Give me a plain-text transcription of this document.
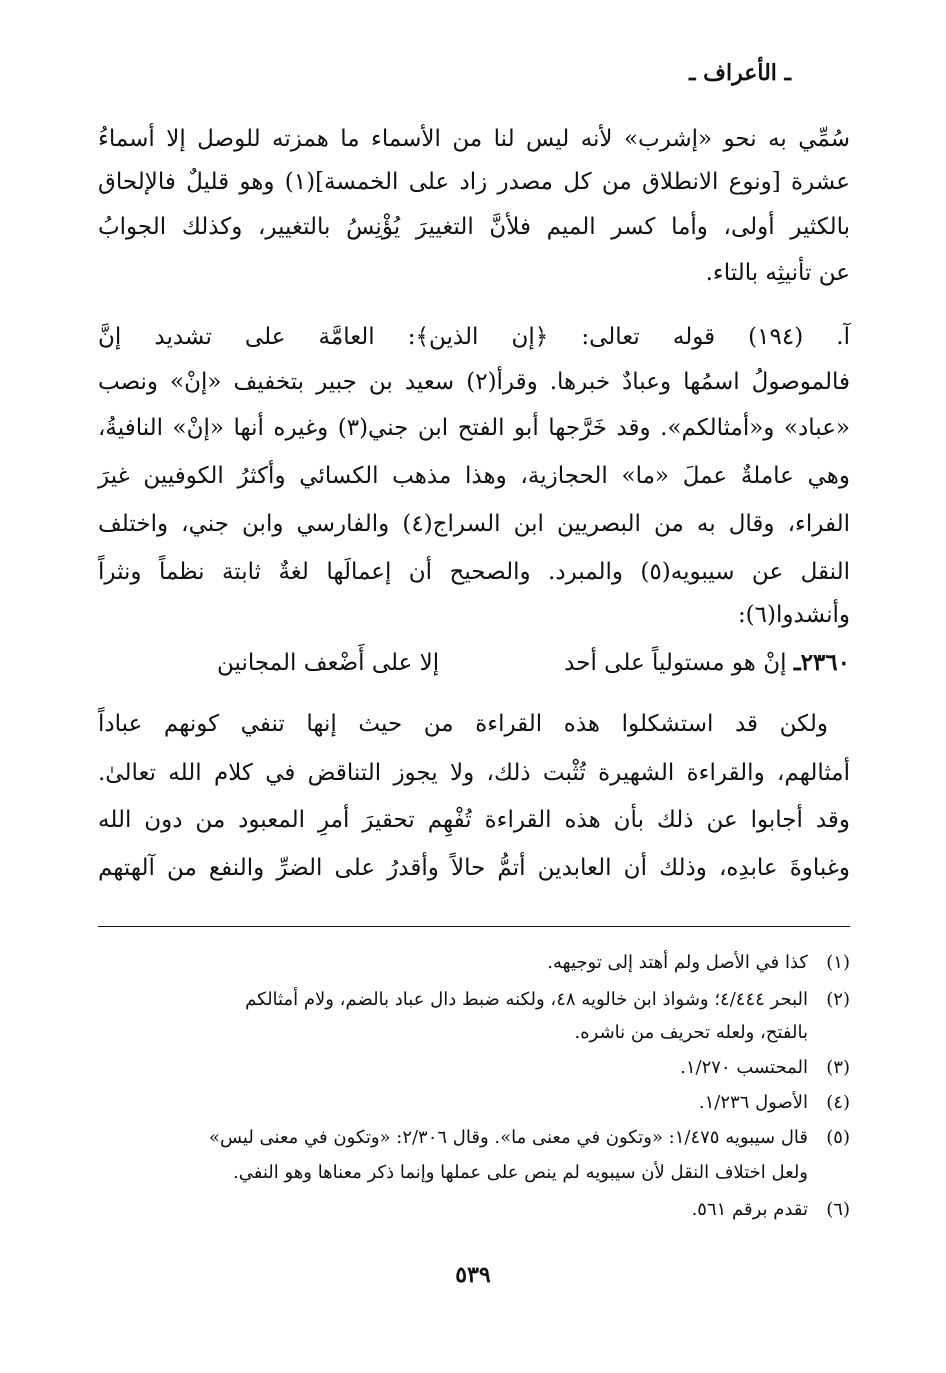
ـ الأعراف ـ
سُمِّي به نحو «إشرب» لأنه ليس لنا من الأسماء ما همزته للوصل إلا أسماءُ
عشرة [ونوع الانطلاق من كل مصدر زاد على الخمسة](١) وهو قليلٌ فالإلحاق
بالكثير أولى، وأما كسر الميم فلأنَّ التغييرَ يُؤْنِسُ بالتغيير، وكذلك الجوابُ
عن تأنيثِه بالتاء.
آ. (١٩٤) قوله تعالى: ﴿إن الذين﴾: العامَّة على تشديد إنَّ
فالموصولُ اسمُها وعبادٌ خبرها. وقرأ(٢) سعيد بن جبير بتخفيف «إنْ» ونصب
«عباد» و«أمثالكم». وقد خَرَّجها أبو الفتح ابن جني(٣) وغيره أنها «إنْ» النافيةُ،
وهي عاملةٌ عملَ «ما» الحجازية، وهذا مذهب الكسائي وأكثرُ الكوفيين غيرَ
الفراء، وقال به من البصريين ابن السراج(٤) والفارسي وابن جني، واختلف
النقل عن سيبويه(٥) والمبرد. والصحيح أن إعمالَها لغةٌ ثابتة نظماً ونثراً
وأنشدوا(٦):
٢٣٦٠ـ إنْ هو مستولياً على أحد إلا على أَضْعف المجانين
ولكن قد استشكلوا هذه القراءة من حيث إنها تنفي كونهم عباداً
أمثالهم، والقراءة الشهيرة تُثْبت ذلك، ولا يجوز التناقض في كلام الله تعالىٰ.
وقد أجابوا عن ذلك بأن هذه القراءة تُفْهِم تحقيرَ أمرِ المعبود من دون الله
وغباوةَ عابدِه، وذلك أن العابدين أتمُّ حالاً وأقدرُ على الضرِّ والنفع من آلهتهم
(١)كذا في الأصل ولم أهتد إلى توجيهه.
(٢)البحر ٤/٤٤٤؛ وشواذ ابن خالويه ٤٨، ولكنه ضبط دال عباد بالضم، ولام أمثالكم
بالفتح، ولعله تحريف من ناشره.
(٣)المحتسب ١/٢٧٠.
(٤)الأصول ١/٢٣٦.
(٥)قال سيبويه ١/٤٧٥: «وتكون في معنى ما». وقال ٢/٣٠٦: «وتكون في معنى ليس»
ولعل اختلاف النقل لأن سيبويه لم ينص على عملها وإنما ذكر معناها وهو النفي.
(٦)تقدم برقم ٥٦١.
٥٣٩
